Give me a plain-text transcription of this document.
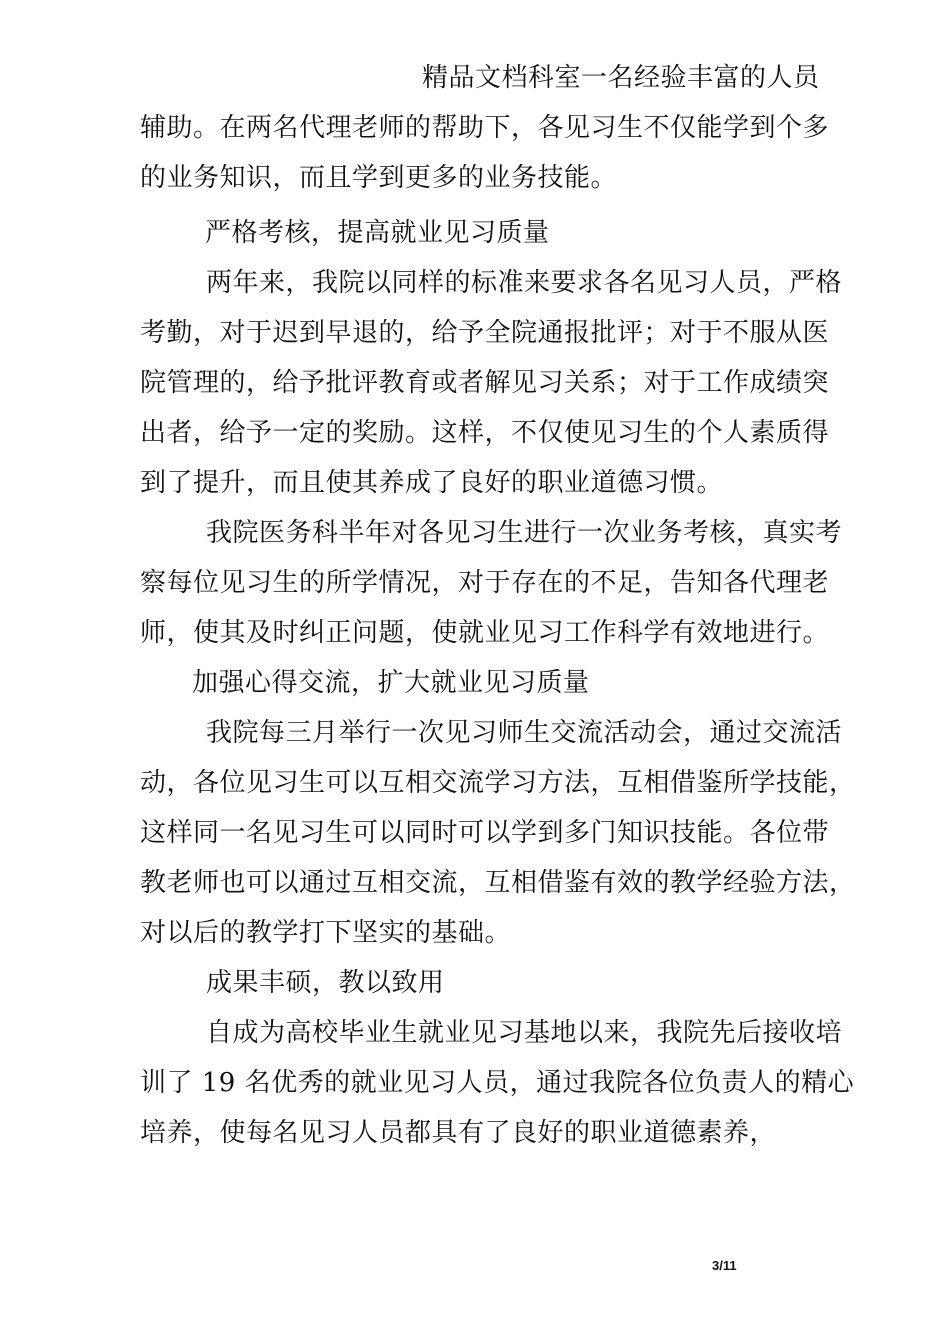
精品文档科室一名经验丰富的人员
辅助。在两名代理老师的帮助下，各见习生不仅能学到个多
的业务知识，而且学到更多的业务技能。
严格考核，提高就业见习质量
两年来，我院以同样的标准来要求各名见习人员，严格
考勤，对于迟到早退的，给予全院通报批评；对于不服从医
院管理的，给予批评教育或者解见习关系；对于工作成绩突
出者，给予一定的奖励。这样，不仅使见习生的个人素质得
到了提升，而且使其养成了良好的职业道德习惯。
我院医务科半年对各见习生进行一次业务考核，真实考
察每位见习生的所学情况，对于存在的不足，告知各代理老
师，使其及时纠正问题，使就业见习工作科学有效地进行。
加强心得交流，扩大就业见习质量
我院每三月举行一次见习师生交流活动会，通过交流活
动，各位见习生可以互相交流学习方法，互相借鉴所学技能，
这样同一名见习生可以同时可以学到多门知识技能。各位带
教老师也可以通过互相交流，互相借鉴有效的教学经验方法，
对以后的教学打下坚实的基础。
成果丰硕，教以致用
自成为高校毕业生就业见习基地以来，我院先后接收培
训了 19 名优秀的就业见习人员，通过我院各位负责人的精心
培养，使每名见习人员都具有了良好的职业道德素养，
3/11
